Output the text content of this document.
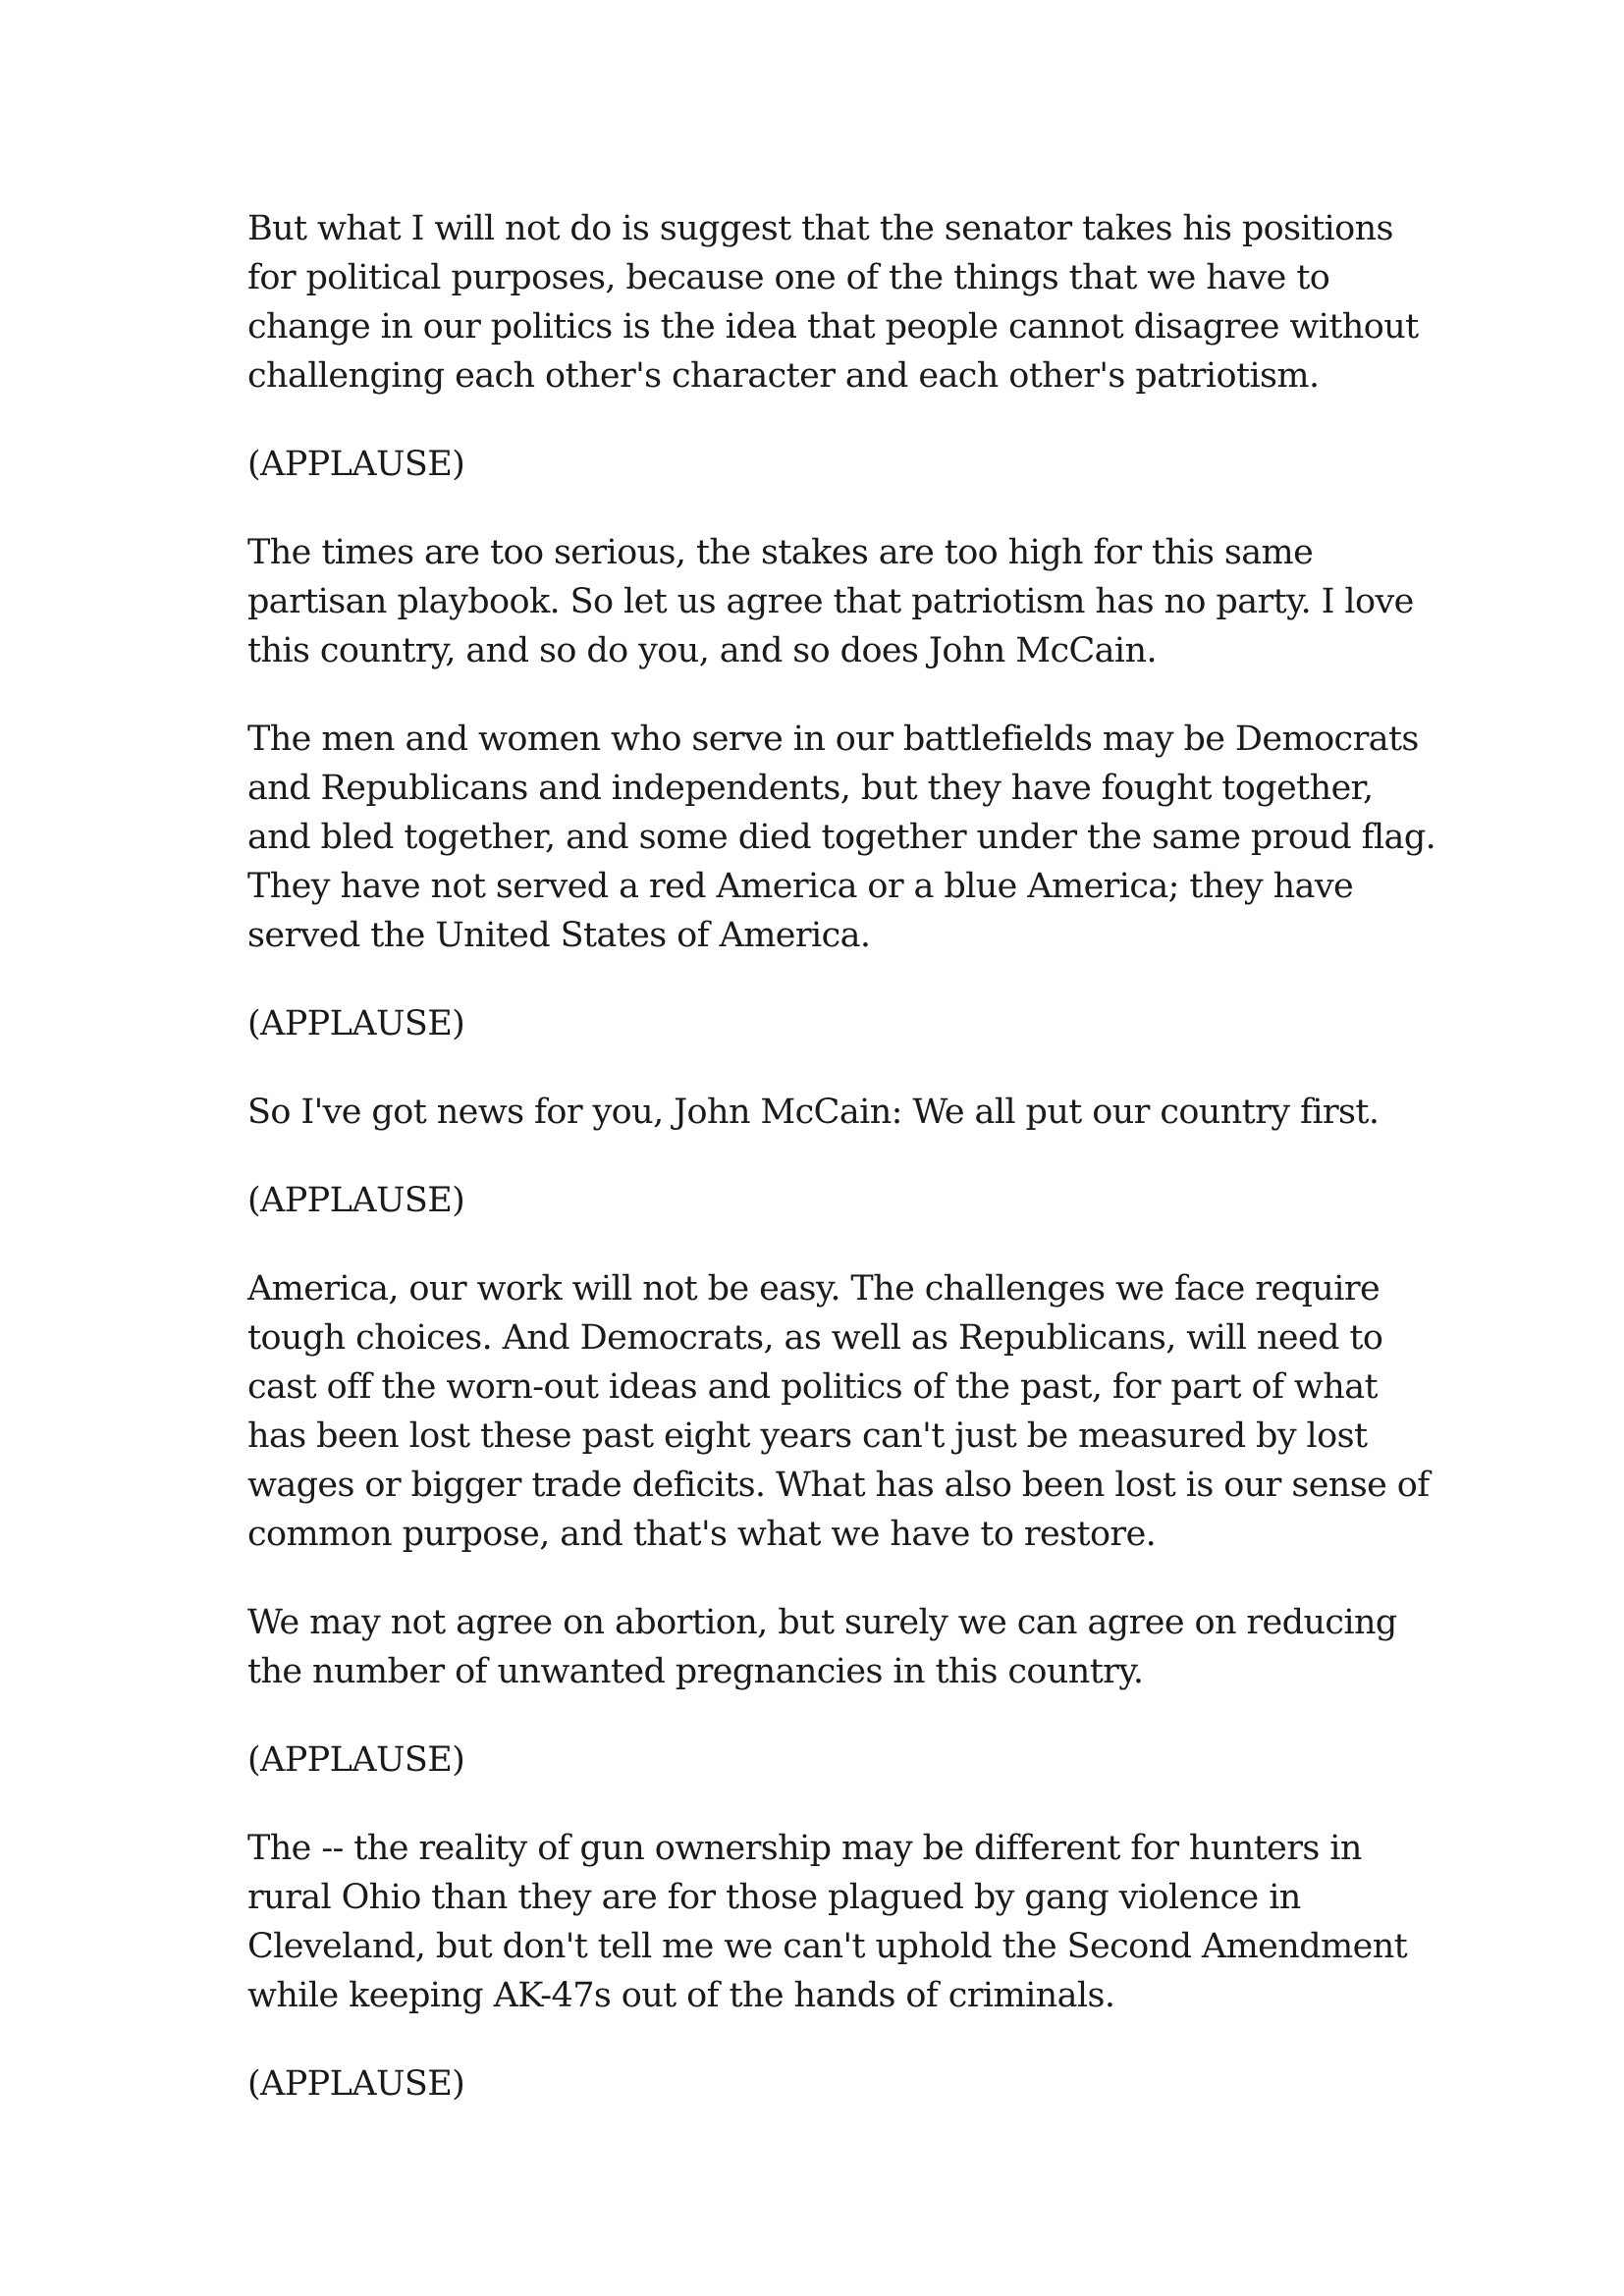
But what I will not do is suggest that the senator takes his positions
for political purposes, because one of the things that we have to
change in our politics is the idea that people cannot disagree without
challenging each other's character and each other's patriotism.

(APPLAUSE)

The times are too serious, the stakes are too high for this same
partisan playbook. So let us agree that patriotism has no party. I love
this country, and so do you, and so does John McCain.

The men and women who serve in our battlefields may be Democrats
and Republicans and independents, but they have fought together,
and bled together, and some died together under the same proud flag.
They have not served a red America or a blue America; they have
served the United States of America.

(APPLAUSE)

So I've got news for you, John McCain: We all put our country first.

(APPLAUSE)

America, our work will not be easy. The challenges we face require
tough choices. And Democrats, as well as Republicans, will need to
cast off the worn-out ideas and politics of the past, for part of what
has been lost these past eight years can't just be measured by lost
wages or bigger trade deficits. What has also been lost is our sense of
common purpose, and that's what we have to restore.

We may not agree on abortion, but surely we can agree on reducing
the number of unwanted pregnancies in this country.

(APPLAUSE)

The -- the reality of gun ownership may be different for hunters in
rural Ohio than they are for those plagued by gang violence in
Cleveland, but don't tell me we can't uphold the Second Amendment
while keeping AK-47s out of the hands of criminals.

(APPLAUSE)
